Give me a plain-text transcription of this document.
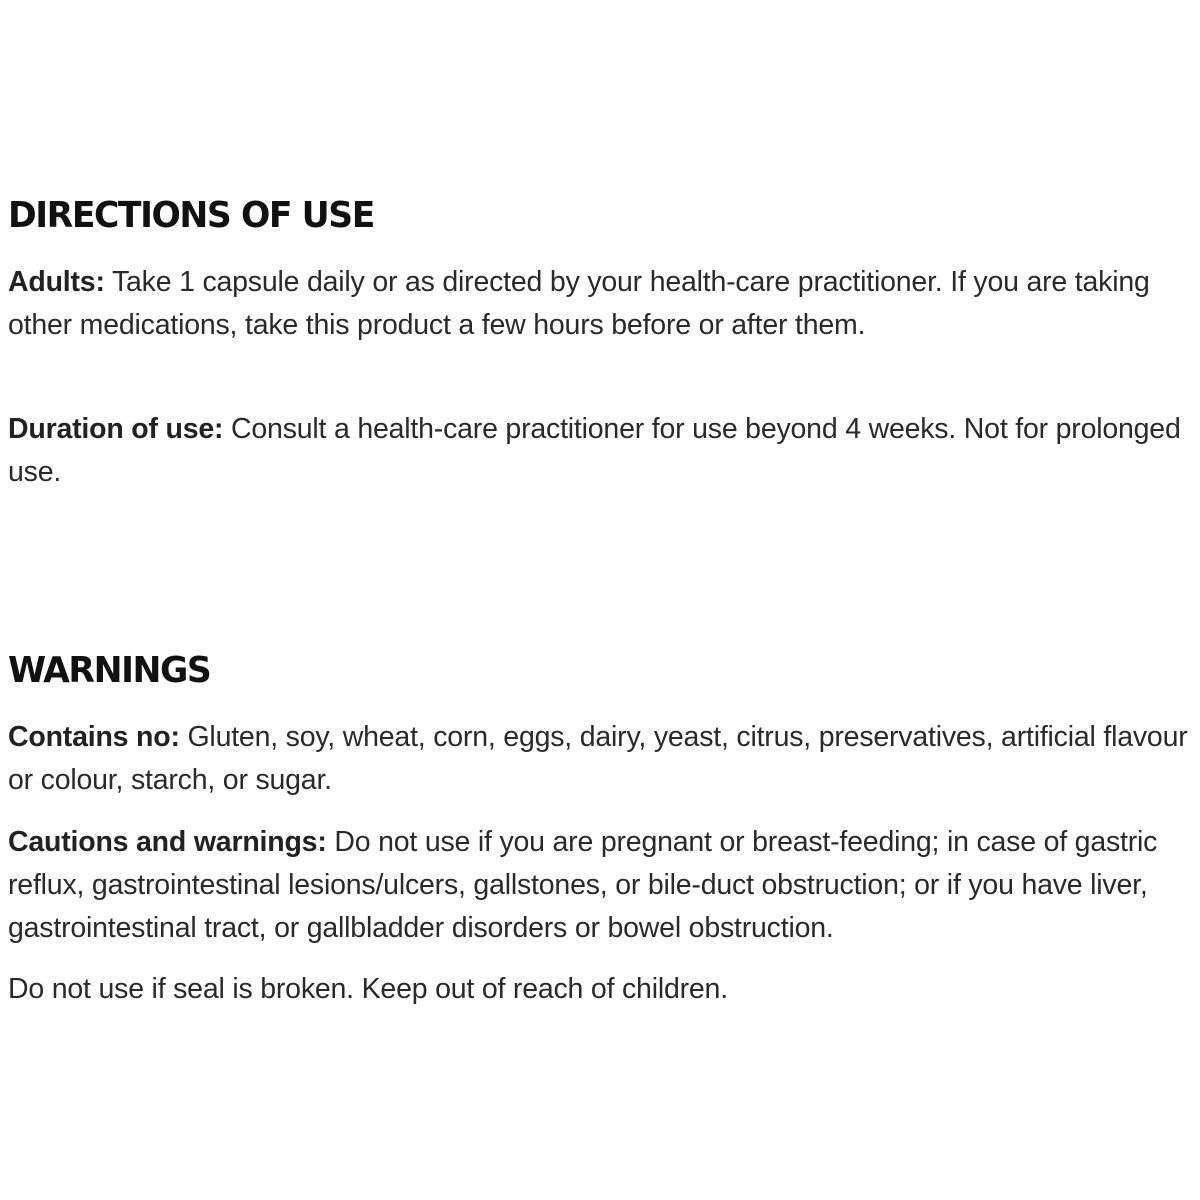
DIRECTIONS OF USE

Adults: Take 1 capsule daily or as directed by your health-care practitioner. If you are taking other medications, take this product a few hours before or after them.

Duration of use: Consult a health-care practitioner for use beyond 4 weeks. Not for prolonged use.

WARNINGS

Contains no: Gluten, soy, wheat, corn, eggs, dairy, yeast, citrus, preservatives, artificial flavour or colour, starch, or sugar.

Cautions and warnings: Do not use if you are pregnant or breast-feeding; in case of gastric reflux, gastrointestinal lesions/ulcers, gallstones, or bile-duct obstruction; or if you have liver, gastrointestinal tract, or gallbladder disorders or bowel obstruction.

Do not use if seal is broken. Keep out of reach of children.
